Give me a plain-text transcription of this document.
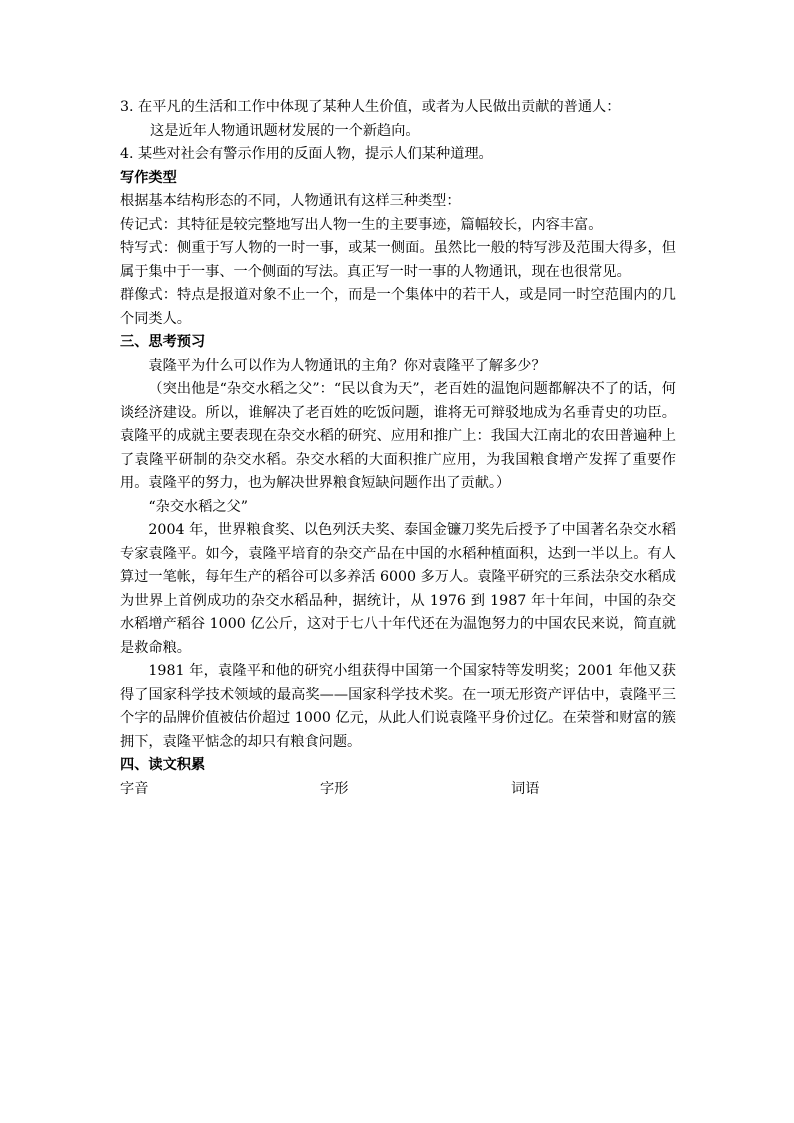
3. 在平凡的生活和工作中体现了某种人生价值，或者为人民做出贡献的普通人：

这是近年人物通讯题材发展的一个新趋向。

4. 某些对社会有警示作用的反面人物，提示人们某种道理。

写作类型

根据基本结构形态的不同，人物通讯有这样三种类型：

传记式：其特征是较完整地写出人物一生的主要事迹，篇幅较长，内容丰富。

特写式：侧重于写人物的一时一事，或某一侧面。虽然比一般的特写涉及范围大得多，但属于集中于一事、一个侧面的写法。真正写一时一事的人物通讯，现在也很常见。

群像式：特点是报道对象不止一个，而是一个集体中的若干人，或是同一时空范围内的几个同类人。

三、思考预习

袁隆平为什么可以作为人物通讯的主角？你对袁隆平了解多少？

（突出他是“杂交水稻之父”：“民以食为天”，老百姓的温饱问题都解决不了的话，何谈经济建设。所以，谁解决了老百姓的吃饭问题，谁将无可辩驳地成为名垂青史的功臣。袁隆平的成就主要表现在杂交水稻的研究、应用和推广上：我国大江南北的农田普遍种上了袁隆平研制的杂交水稻。杂交水稻的大面积推广应用，为我国粮食增产发挥了重要作用。袁隆平的努力，也为解决世界粮食短缺问题作出了贡献。）

“杂交水稻之父”

2004 年，世界粮食奖、以色列沃夫奖、泰国金镰刀奖先后授予了中国著名杂交水稻专家袁隆平。如今，袁隆平培育的杂交产品在中国的水稻种植面积，达到一半以上。有人算过一笔帐，每年生产的稻谷可以多养活 6000 多万人。袁隆平研究的三系法杂交水稻成为世界上首例成功的杂交水稻品种，据统计，从 1976 到 1987 年十年间，中国的杂交水稻增产稻谷 1000 亿公斤，这对于七八十年代还在为温饱努力的中国农民来说，简直就是救命粮。

1981 年，袁隆平和他的研究小组获得中国第一个国家特等发明奖；2001 年他又获得了国家科学技术领域的最高奖——国家科学技术奖。在一项无形资产评估中，袁隆平三个字的品牌价值被估价超过 1000 亿元，从此人们说袁隆平身价过亿。在荣誉和财富的簇拥下，袁隆平惦念的却只有粮食问题。

四、读文积累

字音	字形	词语
